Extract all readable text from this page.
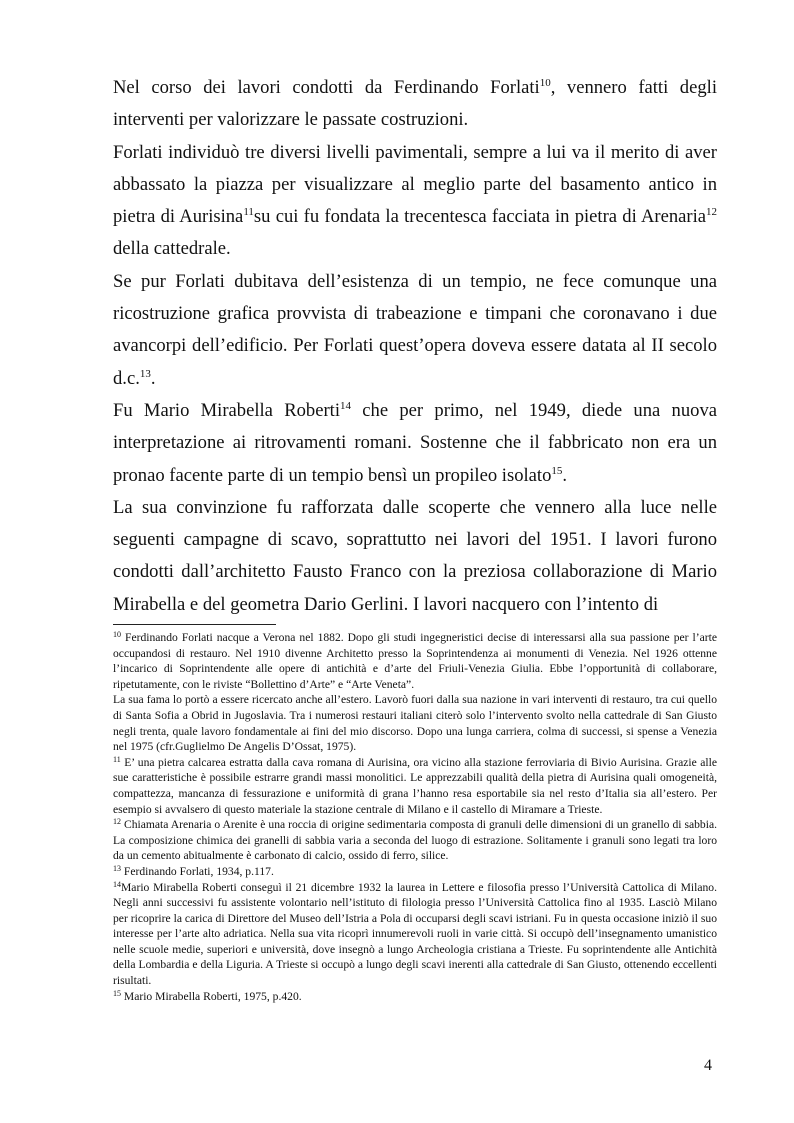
Nel corso dei lavori condotti da Ferdinando Forlati$^{10}$, vennero fatti degli interventi per valorizzare le passate costruzioni.

Forlati individuò tre diversi livelli pavimentali, sempre a lui va il merito di aver abbassato la piazza per visualizzare al meglio parte del basamento antico in pietra di Aurisina$^{11}$su cui fu fondata la trecentesca facciata in pietra di Arenaria$^{12}$ della cattedrale.

Se pur Forlati dubitava dell’esistenza di un tempio, ne fece comunque una ricostruzione grafica provvista di trabeazione e timpani che coronavano i due avancorpi dell’edificio. Per Forlati quest’opera doveva essere datata al II secolo d.c.$^{13}$.

Fu Mario Mirabella Roberti$^{14}$ che per primo, nel 1949, diede una nuova interpretazione ai ritrovamenti romani. Sostenne che il fabbricato non era un pronao facente parte di un tempio bensì un propileo isolato$^{15}$.

La sua convinzione fu rafforzata dalle scoperte che vennero alla luce nelle seguenti campagne di scavo, soprattutto nei lavori del 1951. I lavori furono condotti dall’architetto Fausto Franco con la preziosa collaborazione di Mario Mirabella e del geometra Dario Gerlini. I lavori nacquero con l’intento di

$^{10}$ Ferdinando Forlati nacque a Verona nel 1882. Dopo gli studi ingegneristici decise di interessarsi alla sua passione per l’arte occupandosi di restauro. Nel 1910 divenne Architetto presso la Soprintendenza ai monumenti di Venezia. Nel 1926 ottenne l’incarico di Soprintendente alle opere di antichità e d’arte del Friuli-Venezia Giulia. Ebbe l’opportunità di collaborare, ripetutamente, con le riviste “Bollettino d’Arte” e “Arte Veneta”.

La sua fama lo portò a essere ricercato anche all’estero. Lavorò fuori dalla sua nazione in vari interventi di restauro, tra cui quello di Santa Sofia a Obrid in Jugoslavia. Tra i numerosi restauri italiani citerò solo l’intervento svolto nella cattedrale di San Giusto negli trenta, quale lavoro fondamentale ai fini del mio discorso. Dopo una lunga carriera, colma di successi, si spense a Venezia nel 1975 (cfr.Guglielmo De Angelis D’Ossat, 1975).

$^{11}$ E’ una pietra calcarea estratta dalla cava romana di Aurisina, ora vicino alla stazione ferroviaria di Bivio Aurisina. Grazie alle sue caratteristiche è possibile estrarre grandi massi monolitici. Le apprezzabili qualità della pietra di Aurisina quali omogeneità, compattezza, mancanza di fessurazione e uniformità di grana l’hanno resa esportabile sia nel resto d’Italia sia all’estero. Per esempio si avvalsero di questo materiale la stazione centrale di Milano e il castello di Miramare a Trieste.

$^{12}$ Chiamata Arenaria o Arenite è una roccia di origine sedimentaria composta di granuli delle dimensioni di un granello di sabbia. La composizione chimica dei granelli di sabbia varia a seconda del luogo di estrazione. Solitamente i granuli sono legati tra loro da un cemento abitualmente è carbonato di calcio, ossido di ferro, silice.

$^{13}$ Ferdinando Forlati, 1934, p.117.

$^{14}$Mario Mirabella Roberti conseguì il 21 dicembre 1932 la laurea in Lettere e filosofia presso l’Università Cattolica di Milano. Negli anni successivi fu assistente volontario nell’istituto di filologia presso l’Università Cattolica fino al 1935. Lasciò Milano per ricoprire la carica di Direttore del Museo dell’Istria a Pola di occuparsi degli scavi istriani. Fu in questa occasione iniziò il suo interesse per l’arte alto adriatica. Nella sua vita ricoprì innumerevoli ruoli in varie città. Si occupò dell’insegnamento umanistico nelle scuole medie, superiori e università, dove insegnò a lungo Archeologia cristiana a Trieste. Fu soprintendente alle Antichità della Lombardia e della Liguria. A Trieste si occupò a lungo degli scavi inerenti alla cattedrale di San Giusto, ottenendo eccellenti risultati.

$^{15}$ Mario Mirabella Roberti, 1975, p.420.

4
